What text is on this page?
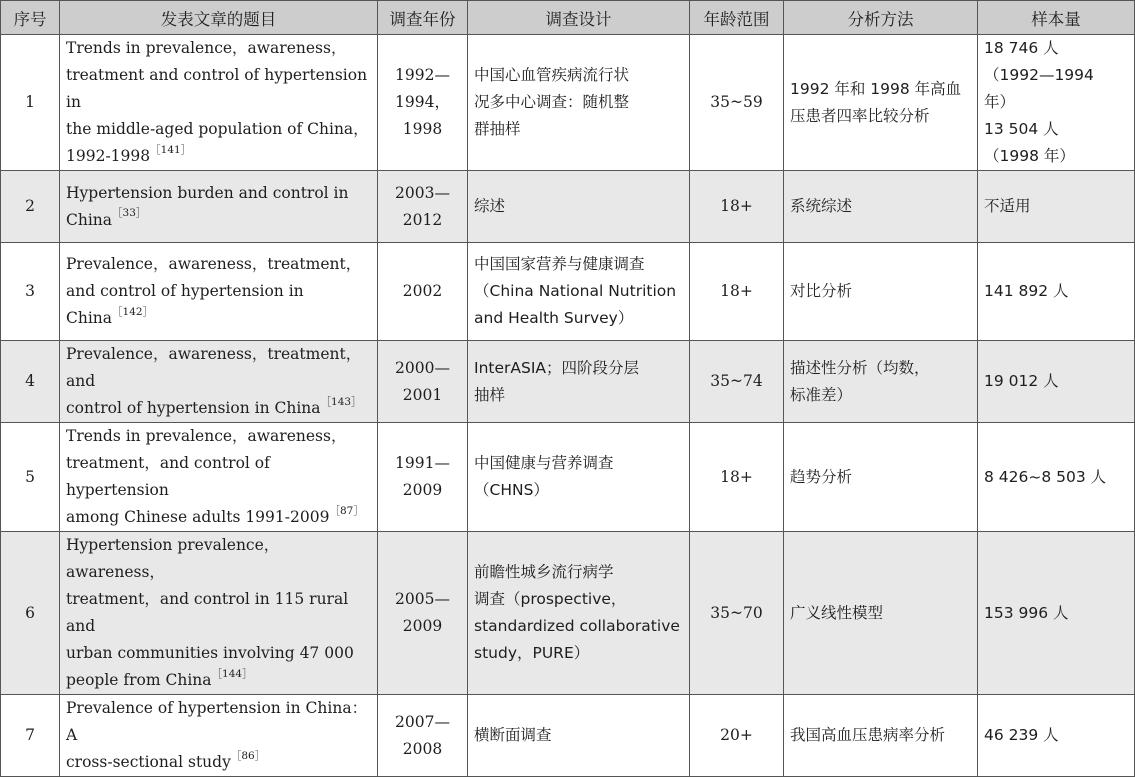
序号	发表文章的题目	调查年份	调查设计	年龄范围	分析方法	样本量
1	Trends in prevalence，awareness，
treatment and control of hypertension in
the middle-aged population of China，
1992-1998$^{[141]}$	1992—
1994，
1998	中国心血管疾病流行状
况多中心调查：随机整
群抽样	35~59	1992 年和 1998 年高血
压患者四率比较分析	18 746 人
（1992—1994 年）
13 504 人
（1998 年）
2	Hypertension burden and control in
China$^{[33]}$	2003—
2012	综述	18+	系统综述	不适用
3	Prevalence，awareness，treatment，
and control of hypertension in
China$^{[142]}$	2002	中国国家营养与健康调查
（China National Nutrition
and Health Survey）	18+	对比分析	141 892 人
4	Prevalence，awareness，treatment，and
control of hypertension in China$^{[143]}$	2000—
2001	InterASIA；四阶段分层
抽样	35~74	描述性分析（均数，
标准差）	19 012 人
5	Trends in prevalence，awareness，
treatment，and control of hypertension
among Chinese adults 1991-2009$^{[87]}$	1991—
2009	中国健康与营养调查
（CHNS）	18+	趋势分析	8 426~8 503 人
6	Hypertension prevalence，awareness，
treatment，and control in 115 rural and
urban communities involving 47 000
people from China$^{[144]}$	2005—
2009	前瞻性城乡流行病学
调查（prospective，
standardized collaborative
study，PURE）	35~70	广义线性模型	153 996 人
7	Prevalence of hypertension in China：A
cross-sectional study$^{[86]}$	2007—
2008	横断面调查	20+	我国高血压患病率分析	46 239 人
